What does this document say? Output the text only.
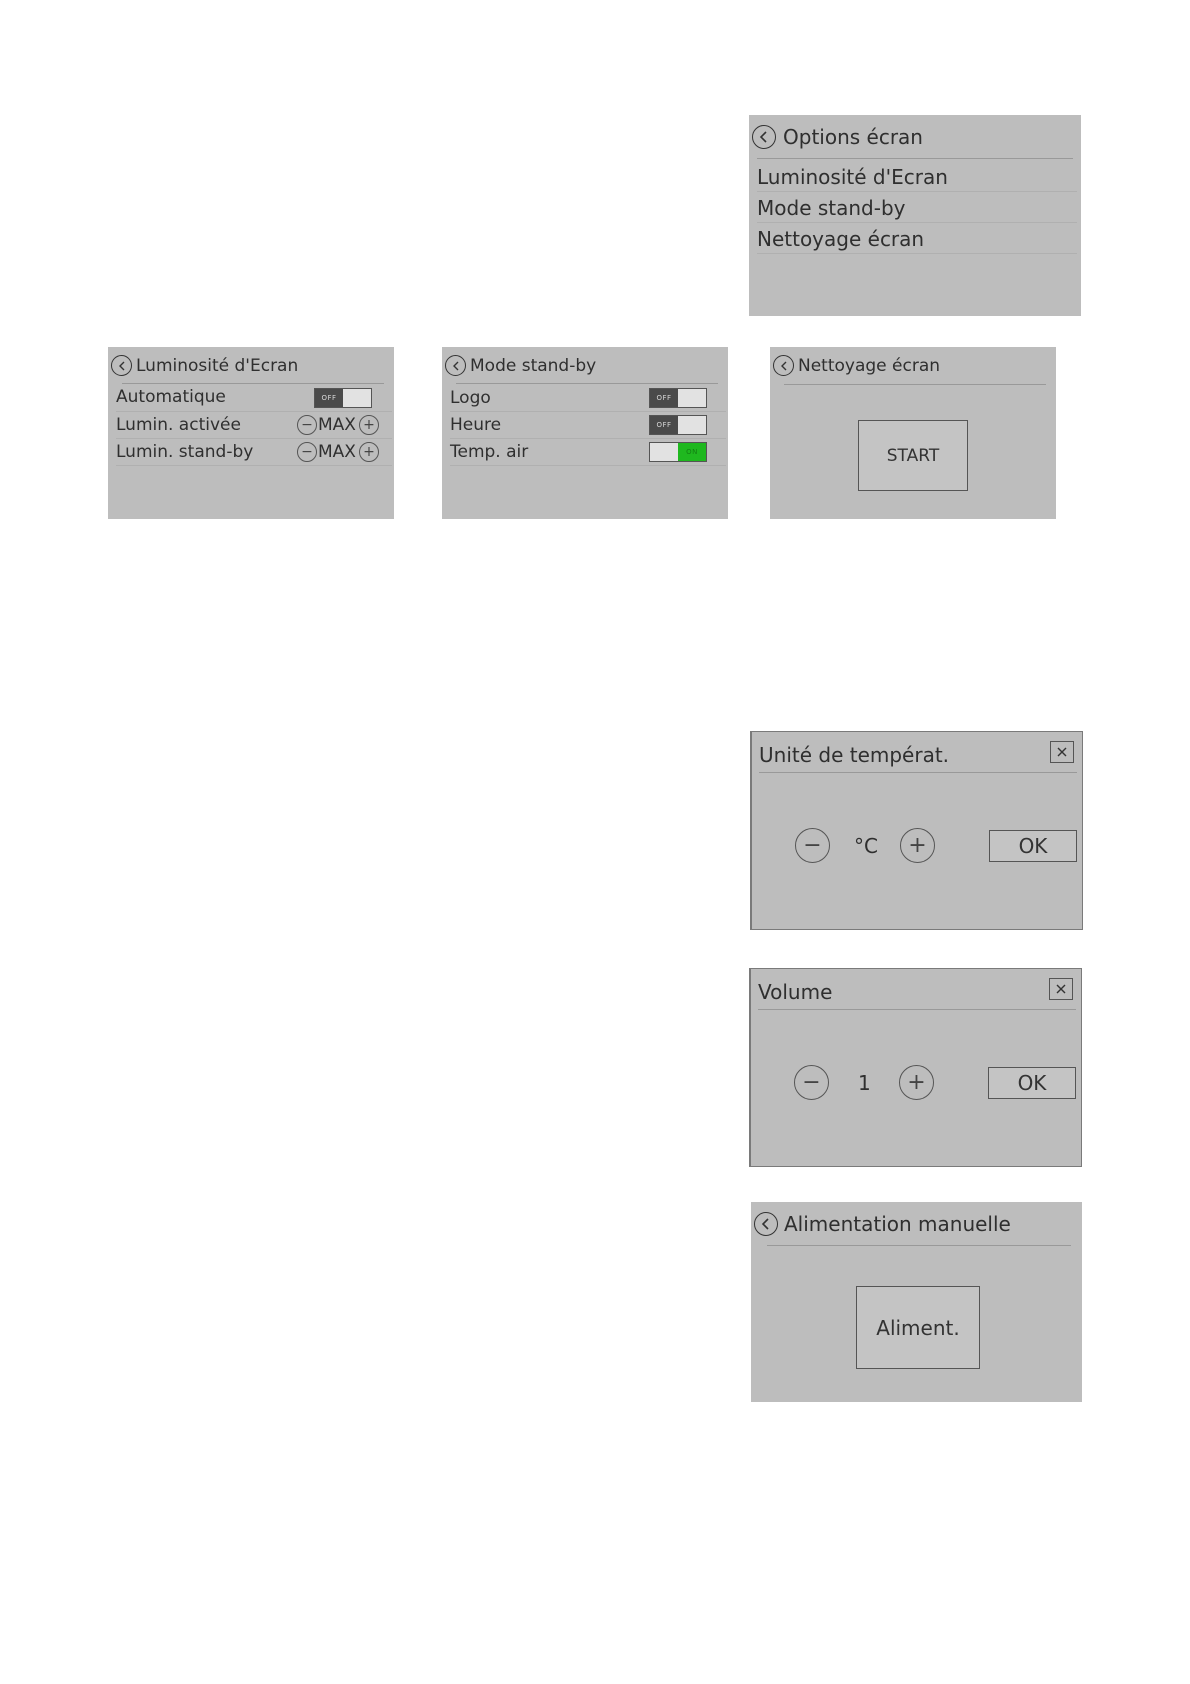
Options écran
Luminosité d'Ecran
Mode stand-by
Nettoyage écran
Luminosité d'Ecran
Automatique	OFF
Lumin. activée	− MAX +
Lumin. stand-by	− MAX +
Mode stand-by
Logo	OFF
Heure	OFF
Temp. air	ON
Nettoyage écran
START
Unité de températ.
−	°C	+	OK
Volume
−	1	+	OK
Alimentation manuelle
Aliment.
